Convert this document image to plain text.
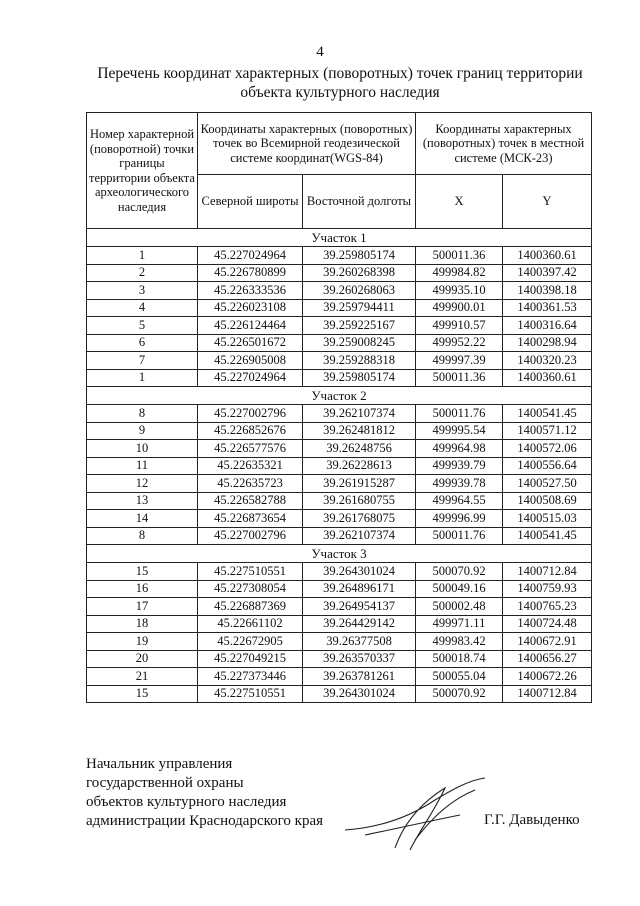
4
Перечень координат характерных (поворотных) точек границ территории объекта культурного наследия
Номер характерной (поворотной) точки границы территории объекта археологического наследия	Координаты характерных (поворотных) точек во Всемирной геодезической системе координат(WGS-84)		Координаты характерных (поворотных) точек в местной системе (МСК-23)	
	Северной широты	Восточной долготы	X	Y
Участок 1				
1	45.227024964	39.259805174	500011.36	1400360.61
2	45.226780899	39.260268398	499984.82	1400397.42
3	45.226333536	39.260268063	499935.10	1400398.18
4	45.226023108	39.259794411	499900.01	1400361.53
5	45.226124464	39.259225167	499910.57	1400316.64
6	45.226501672	39.259008245	499952.22	1400298.94
7	45.226905008	39.259288318	499997.39	1400320.23
1	45.227024964	39.259805174	500011.36	1400360.61
Участок 2				
8	45.227002796	39.262107374	500011.76	1400541.45
9	45.226852676	39.262481812	499995.54	1400571.12
10	45.226577576	39.26248756	499964.98	1400572.06
11	45.22635321	39.26228613	499939.79	1400556.64
12	45.22635723	39.261915287	499939.78	1400527.50
13	45.226582788	39.261680755	499964.55	1400508.69
14	45.226873654	39.261768075	499996.99	1400515.03
8	45.227002796	39.262107374	500011.76	1400541.45
Участок 3				
15	45.227510551	39.264301024	500070.92	1400712.84
16	45.227308054	39.264896171	500049.16	1400759.93
17	45.226887369	39.264954137	500002.48	1400765.23
18	45.22661102	39.264429142	499971.11	1400724.48
19	45.22672905	39.26377508	499983.42	1400672.91
20	45.227049215	39.263570337	500018.74	1400656.27
21	45.227373446	39.263781261	500055.04	1400672.26
15	45.227510551	39.264301024	500070.92	1400712.84
Начальник управления
государственной охраны
объектов культурного наследия
администрации Краснодарского края	Г.Г. Давыденко
